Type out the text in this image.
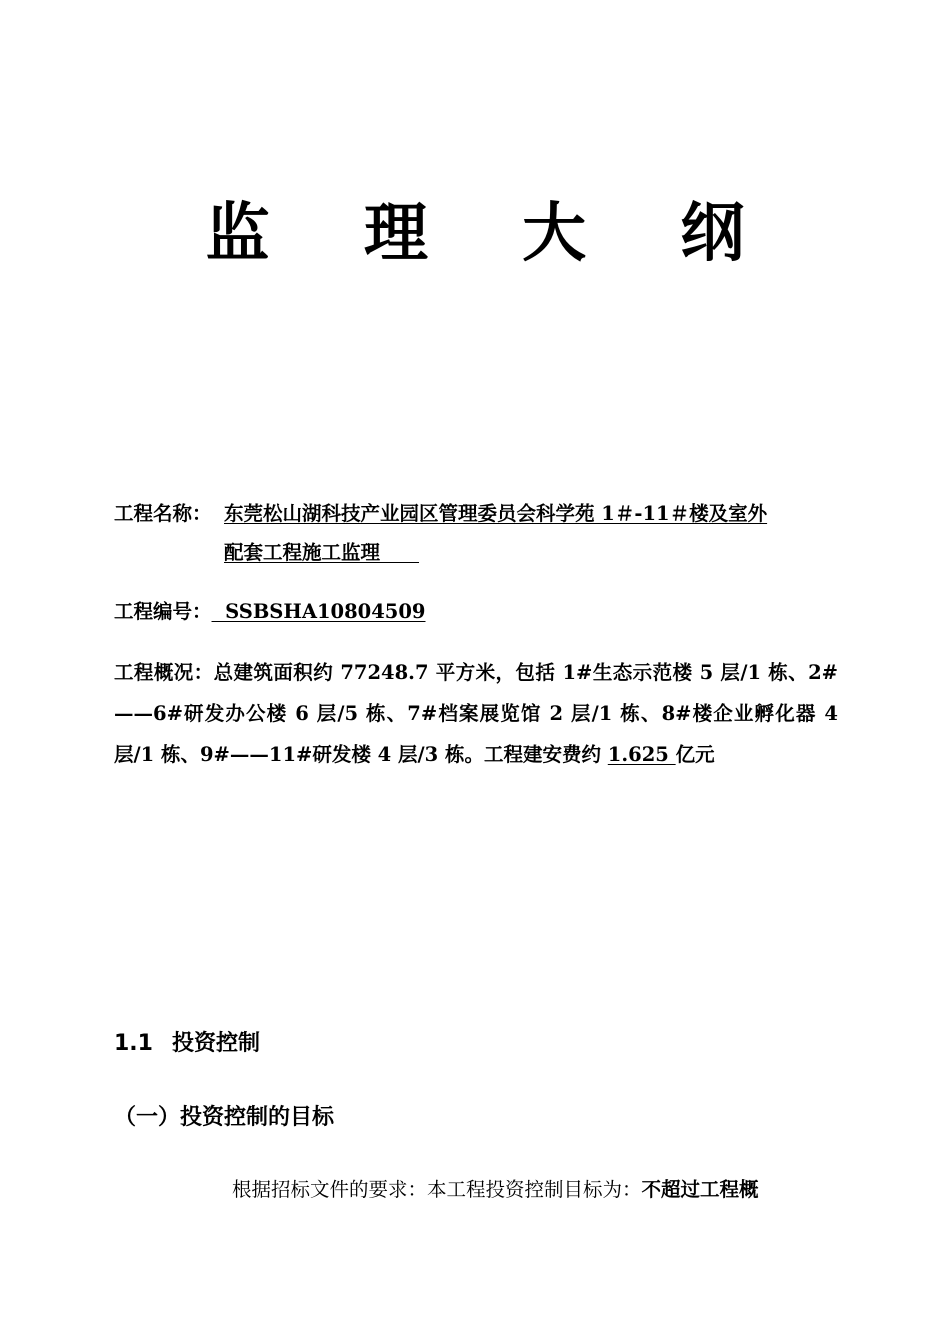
监 理 大 纲
工程名称： 东莞松山湖科技产业园区管理委员会科学苑 1＃-11＃楼及室外
配套工程施工监理　　
工程编号：  SSBSHA10804509
工程概况：总建筑面积约 77248.7 平方米，包括 1#生态示范楼 5 层/1 栋、2#——6#研发办公楼 6 层/5 栋、7#档案展览馆 2 层/1 栋、8#楼企业孵化器 4 层/1 栋、9#——11#研发楼 4 层/3 栋。工程建安费约 1.625 亿元
1.1 投资控制
（一）投资控制的目标
根据招标文件的要求：本工程投资控制目标为：不超过工程概
